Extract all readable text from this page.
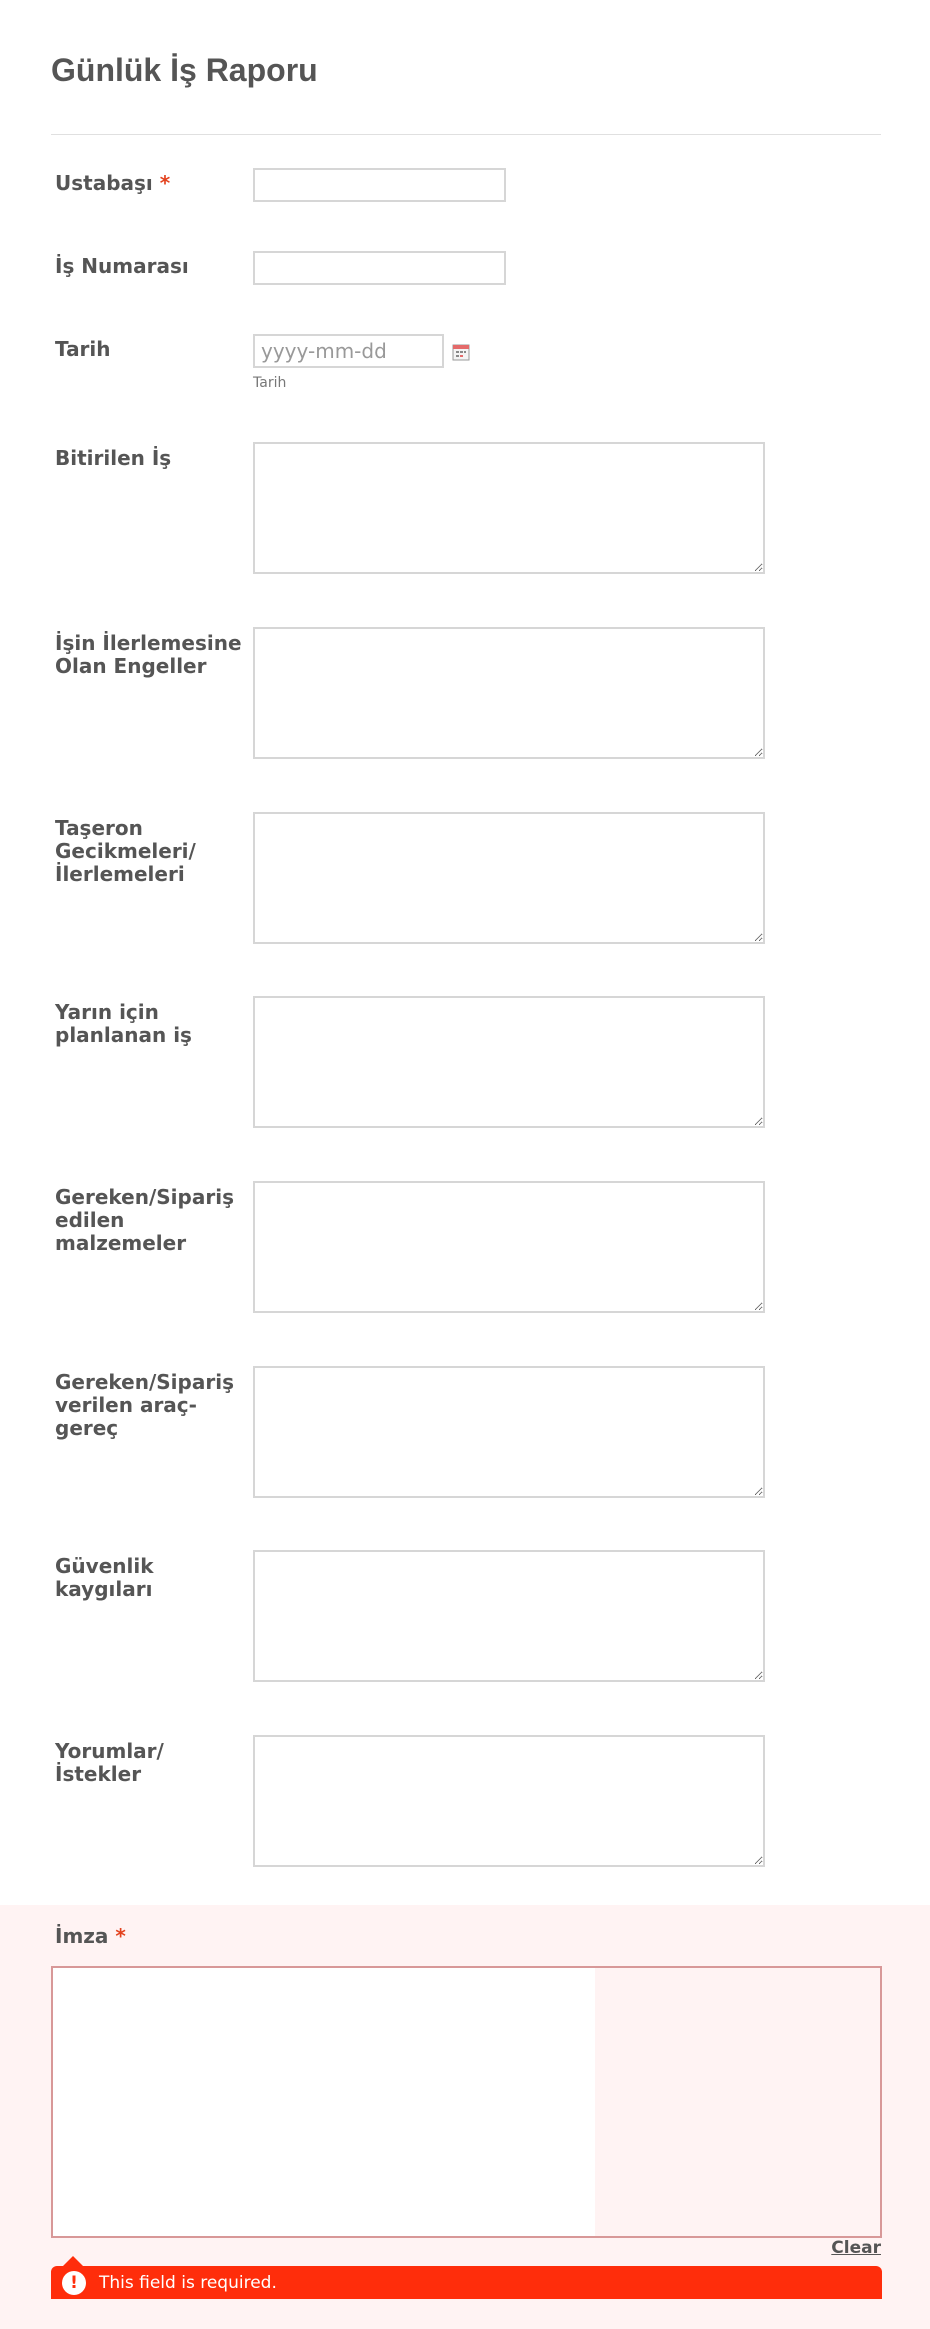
Günlük İş Raporu
Ustabaşı *
İş Numarası
Tarih
yyyy-mm-dd
Tarih
Bitirilen İş
İşin İlerlemesine Olan Engeller
Taşeron Gecikmeleri/ İlerlemeleri
Yarın için planlanan iş
Gereken/Sipariş edilen malzemeler
Gereken/Sipariş verilen araç-gereç
Güvenlik kaygıları
Yorumlar/ İstekler
İmza *
Clear
!	This field is required.
